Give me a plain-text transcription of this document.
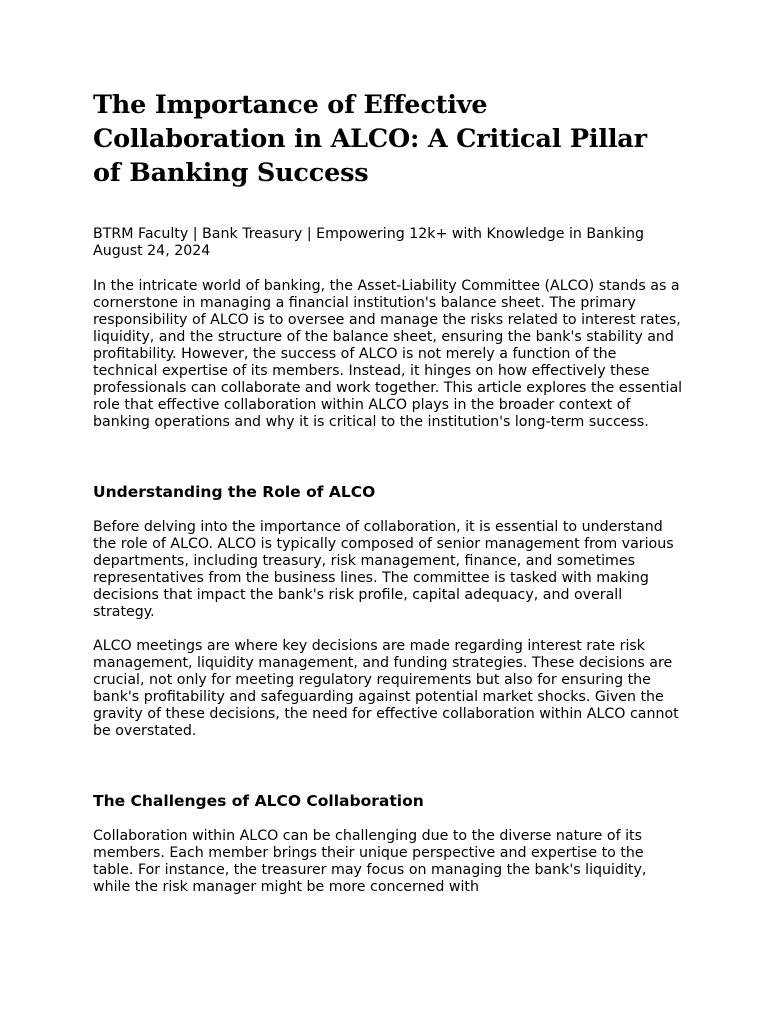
The Importance of Effective Collaboration in ALCO: A Critical Pillar of Banking Success
BTRM Faculty | Bank Treasury | Empowering 12k+ with Knowledge in Banking
August 24, 2024

In the intricate world of banking, the Asset-Liability Committee (ALCO) stands as a cornerstone in managing a financial institution's balance sheet. The primary responsibility of ALCO is to oversee and manage the risks related to interest rates, liquidity, and the structure of the balance sheet, ensuring the bank's stability and profitability. However, the success of ALCO is not merely a function of the technical expertise of its members. Instead, it hinges on how effectively these professionals can collaborate and work together. This article explores the essential role that effective collaboration within ALCO plays in the broader context of banking operations and why it is critical to the institution's long-term success.

Understanding the Role of ALCO

Before delving into the importance of collaboration, it is essential to understand the role of ALCO. ALCO is typically composed of senior management from various departments, including treasury, risk management, finance, and sometimes representatives from the business lines. The committee is tasked with making decisions that impact the bank's risk profile, capital adequacy, and overall strategy.

ALCO meetings are where key decisions are made regarding interest rate risk management, liquidity management, and funding strategies. These decisions are crucial, not only for meeting regulatory requirements but also for ensuring the bank's profitability and safeguarding against potential market shocks. Given the gravity of these decisions, the need for effective collaboration within ALCO cannot be overstated.

The Challenges of ALCO Collaboration

Collaboration within ALCO can be challenging due to the diverse nature of its members. Each member brings their unique perspective and expertise to the table. For instance, the treasurer may focus on managing the bank's liquidity, while the risk manager might be more concerned with
